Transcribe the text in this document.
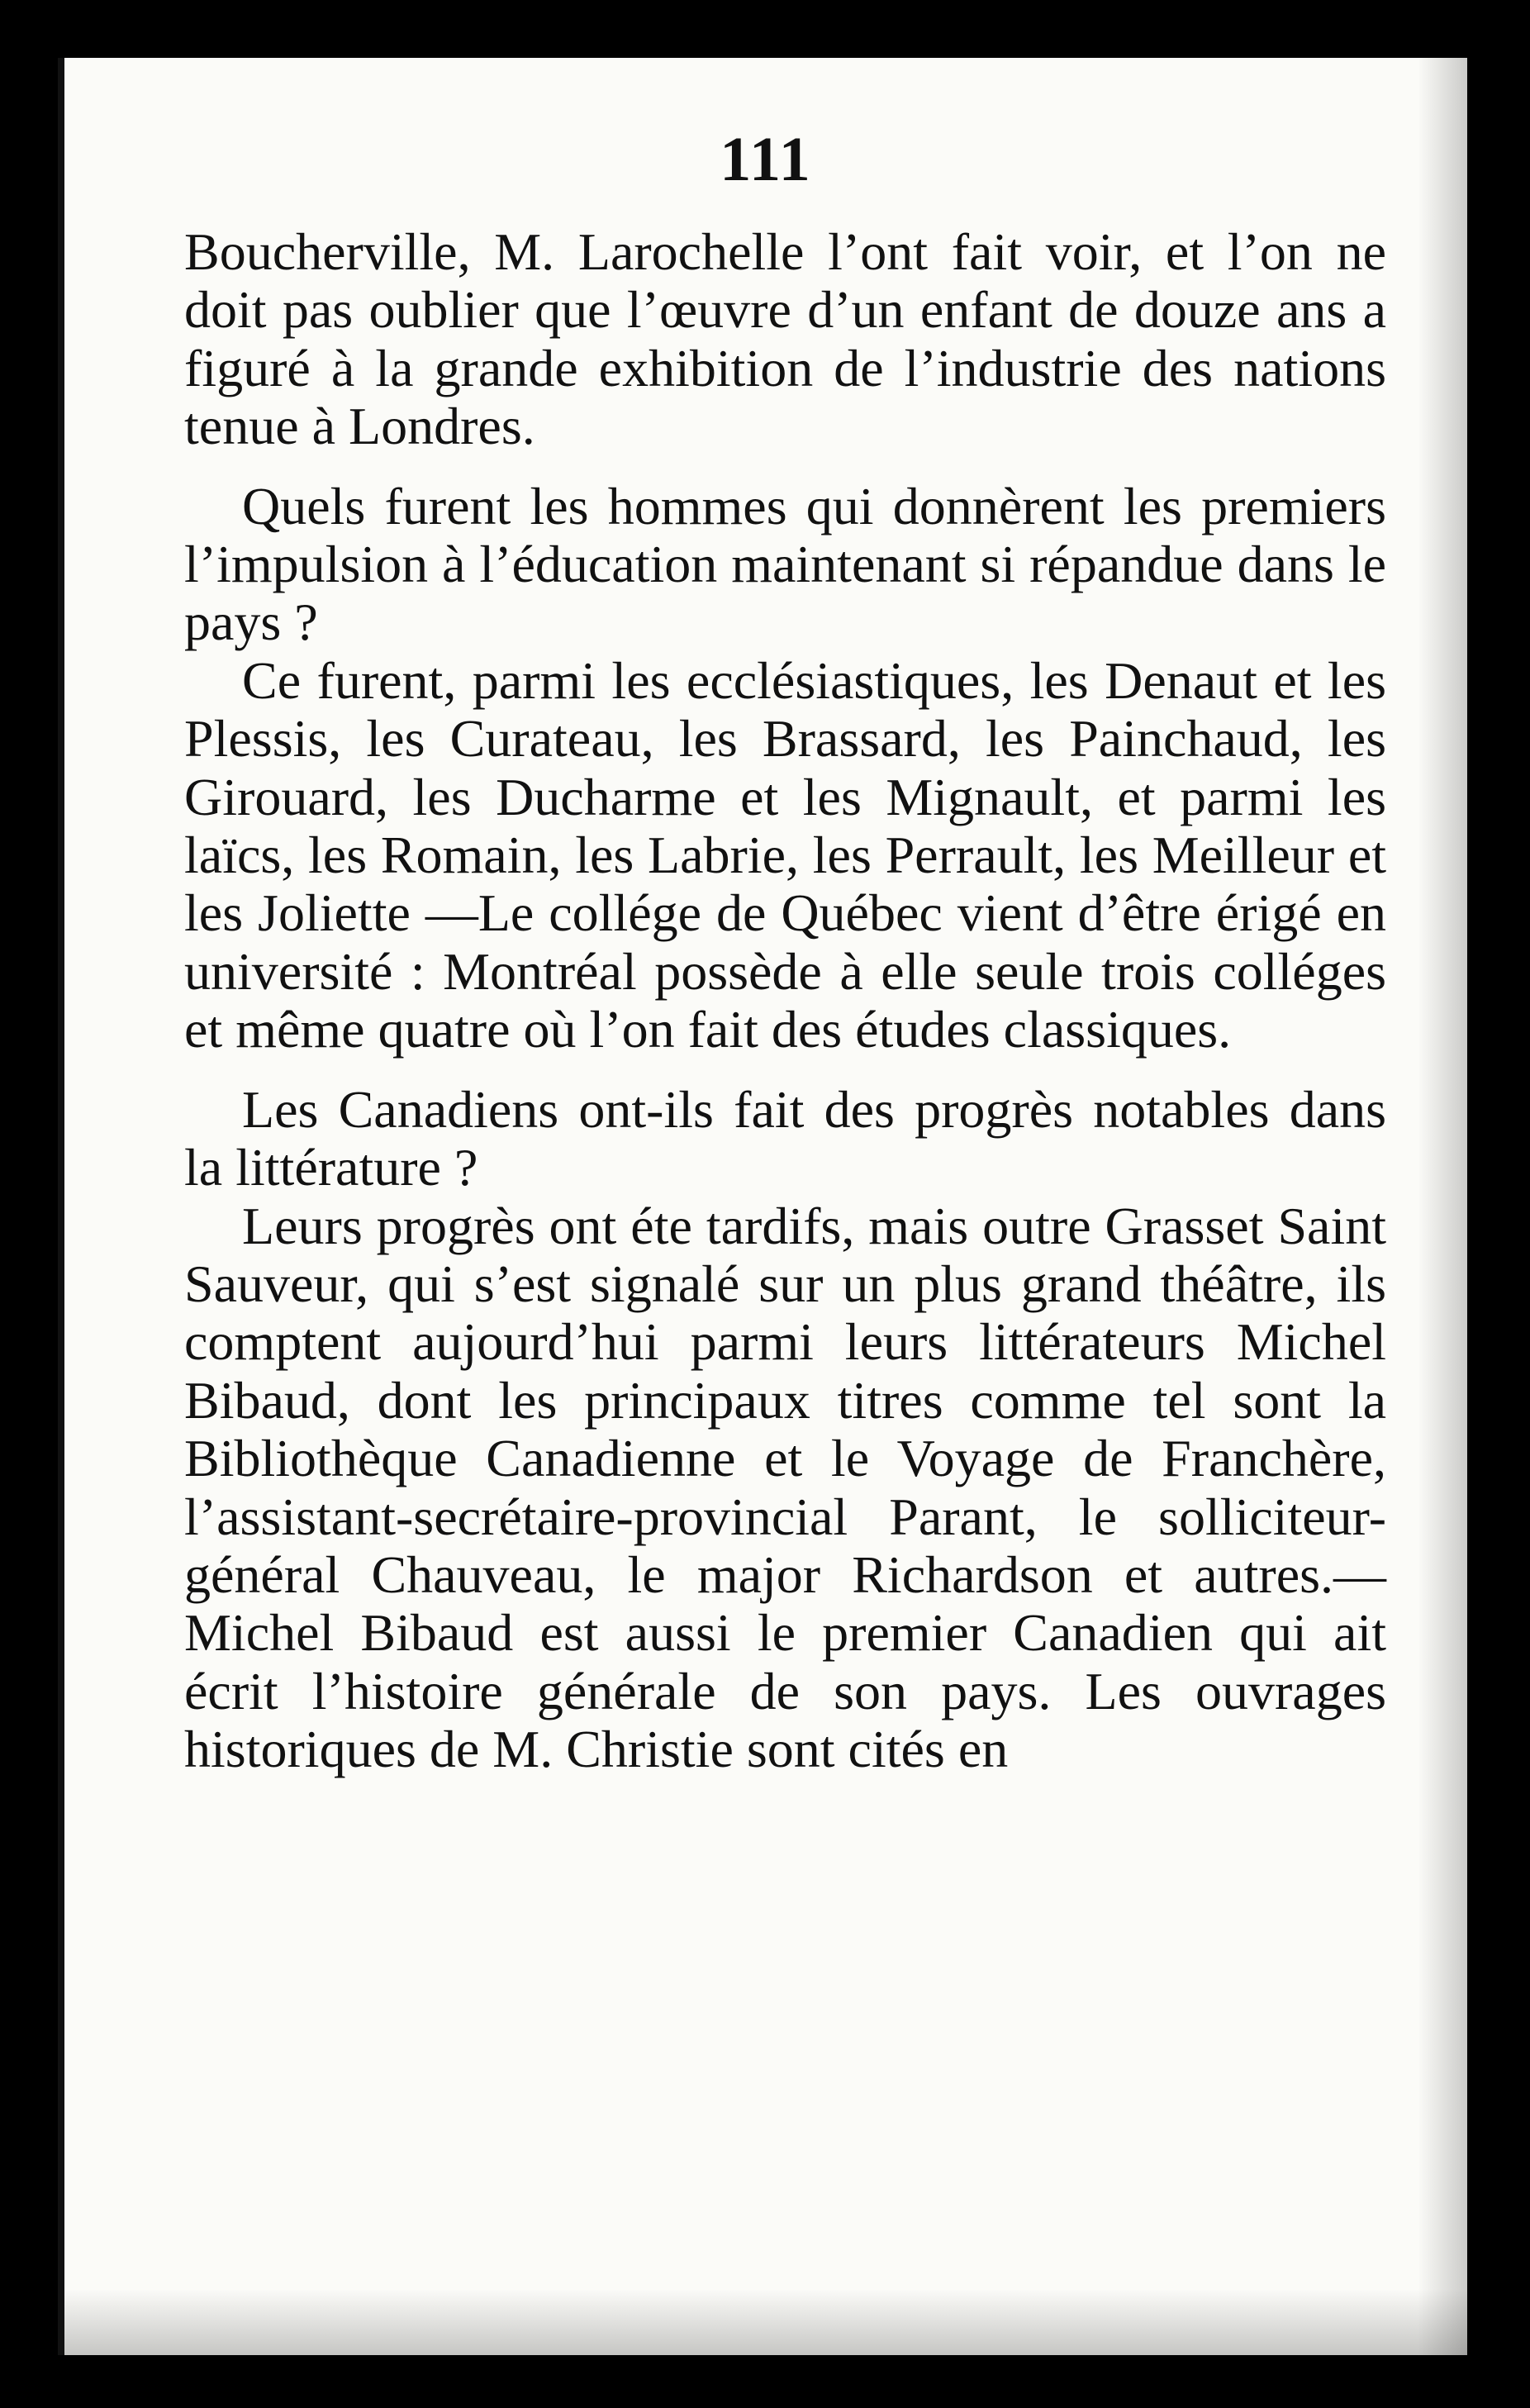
111

Boucherville, M. Larochelle l’ont fait voir, et l’on ne doit pas oublier que l’œuvre d’un enfant de douze ans a figuré à la grande exhibition de l’industrie des nations tenue à Londres.

Quels furent les hommes qui donnèrent les premiers l’impulsion à l’éducation maintenant si répandue dans le pays ?

Ce furent, parmi les ecclésiastiques, les Denaut et les Plessis, les Curateau, les Brassard, les Painchaud, les Girouard, les Ducharme et les Mignault, et parmi les laïcs, les Romain, les Labrie, les Perrault, les Meilleur et les Joliette —Le collége de Québec vient d’être érigé en université : Montréal possède à elle seule trois colléges et même quatre où l’on fait des études classiques.

Les Canadiens ont-ils fait des progrès notables dans la littérature ?

Leurs progrès ont éte tardifs, mais outre Grasset Saint Sauveur, qui s’est signalé sur un plus grand théâtre, ils comptent aujourd’hui parmi leurs littérateurs Michel Bibaud, dont les principaux titres comme tel sont la Bibliothèque Canadienne et le Voyage de Franchère, l’assistant-secrétaire-provincial Parant, le solliciteur-général Chauveau, le major Richardson et autres.—Michel Bibaud est aussi le premier Canadien qui ait écrit l’histoire générale de son pays. Les ouvrages historiques de M. Christie sont cités en
